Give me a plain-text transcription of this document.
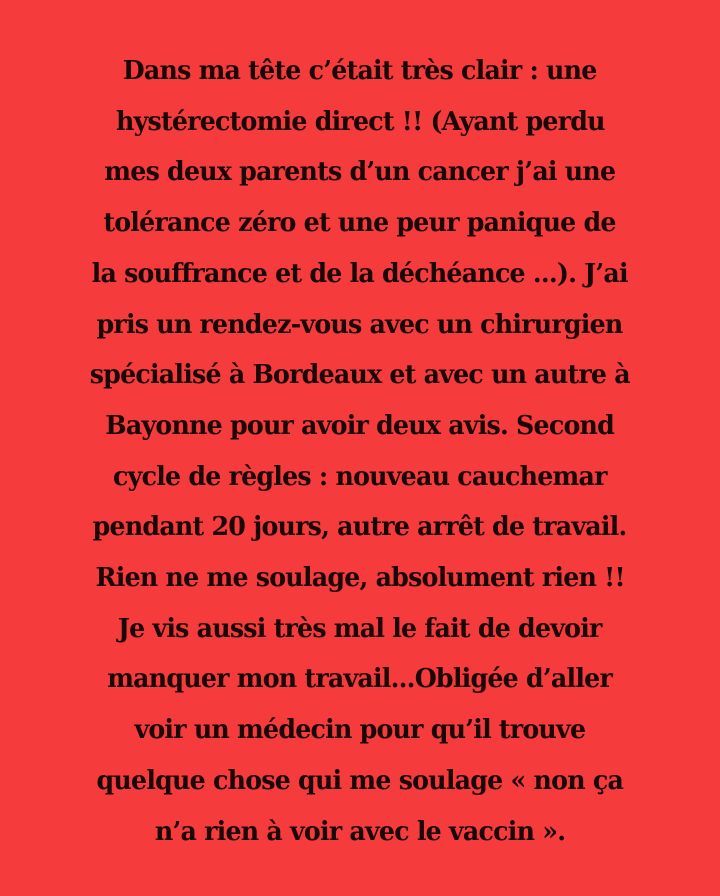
Dans ma tête c’était très clair : une
hystérectomie direct !! (Ayant perdu
mes deux parents d’un cancer j’ai une
tolérance zéro et une peur panique de
la souffrance et de la déchéance ...). J’ai
pris un rendez-vous avec un chirurgien
spécialisé à Bordeaux et avec un autre à
Bayonne pour avoir deux avis. Second
cycle de règles : nouveau cauchemar
pendant 20 jours, autre arrêt de travail.
Rien ne me soulage, absolument rien !!
Je vis aussi très mal le fait de devoir
manquer mon travail...Obligée d’aller
voir un médecin pour qu’il trouve
quelque chose qui me soulage « non ça
n’a rien à voir avec le vaccin ».
